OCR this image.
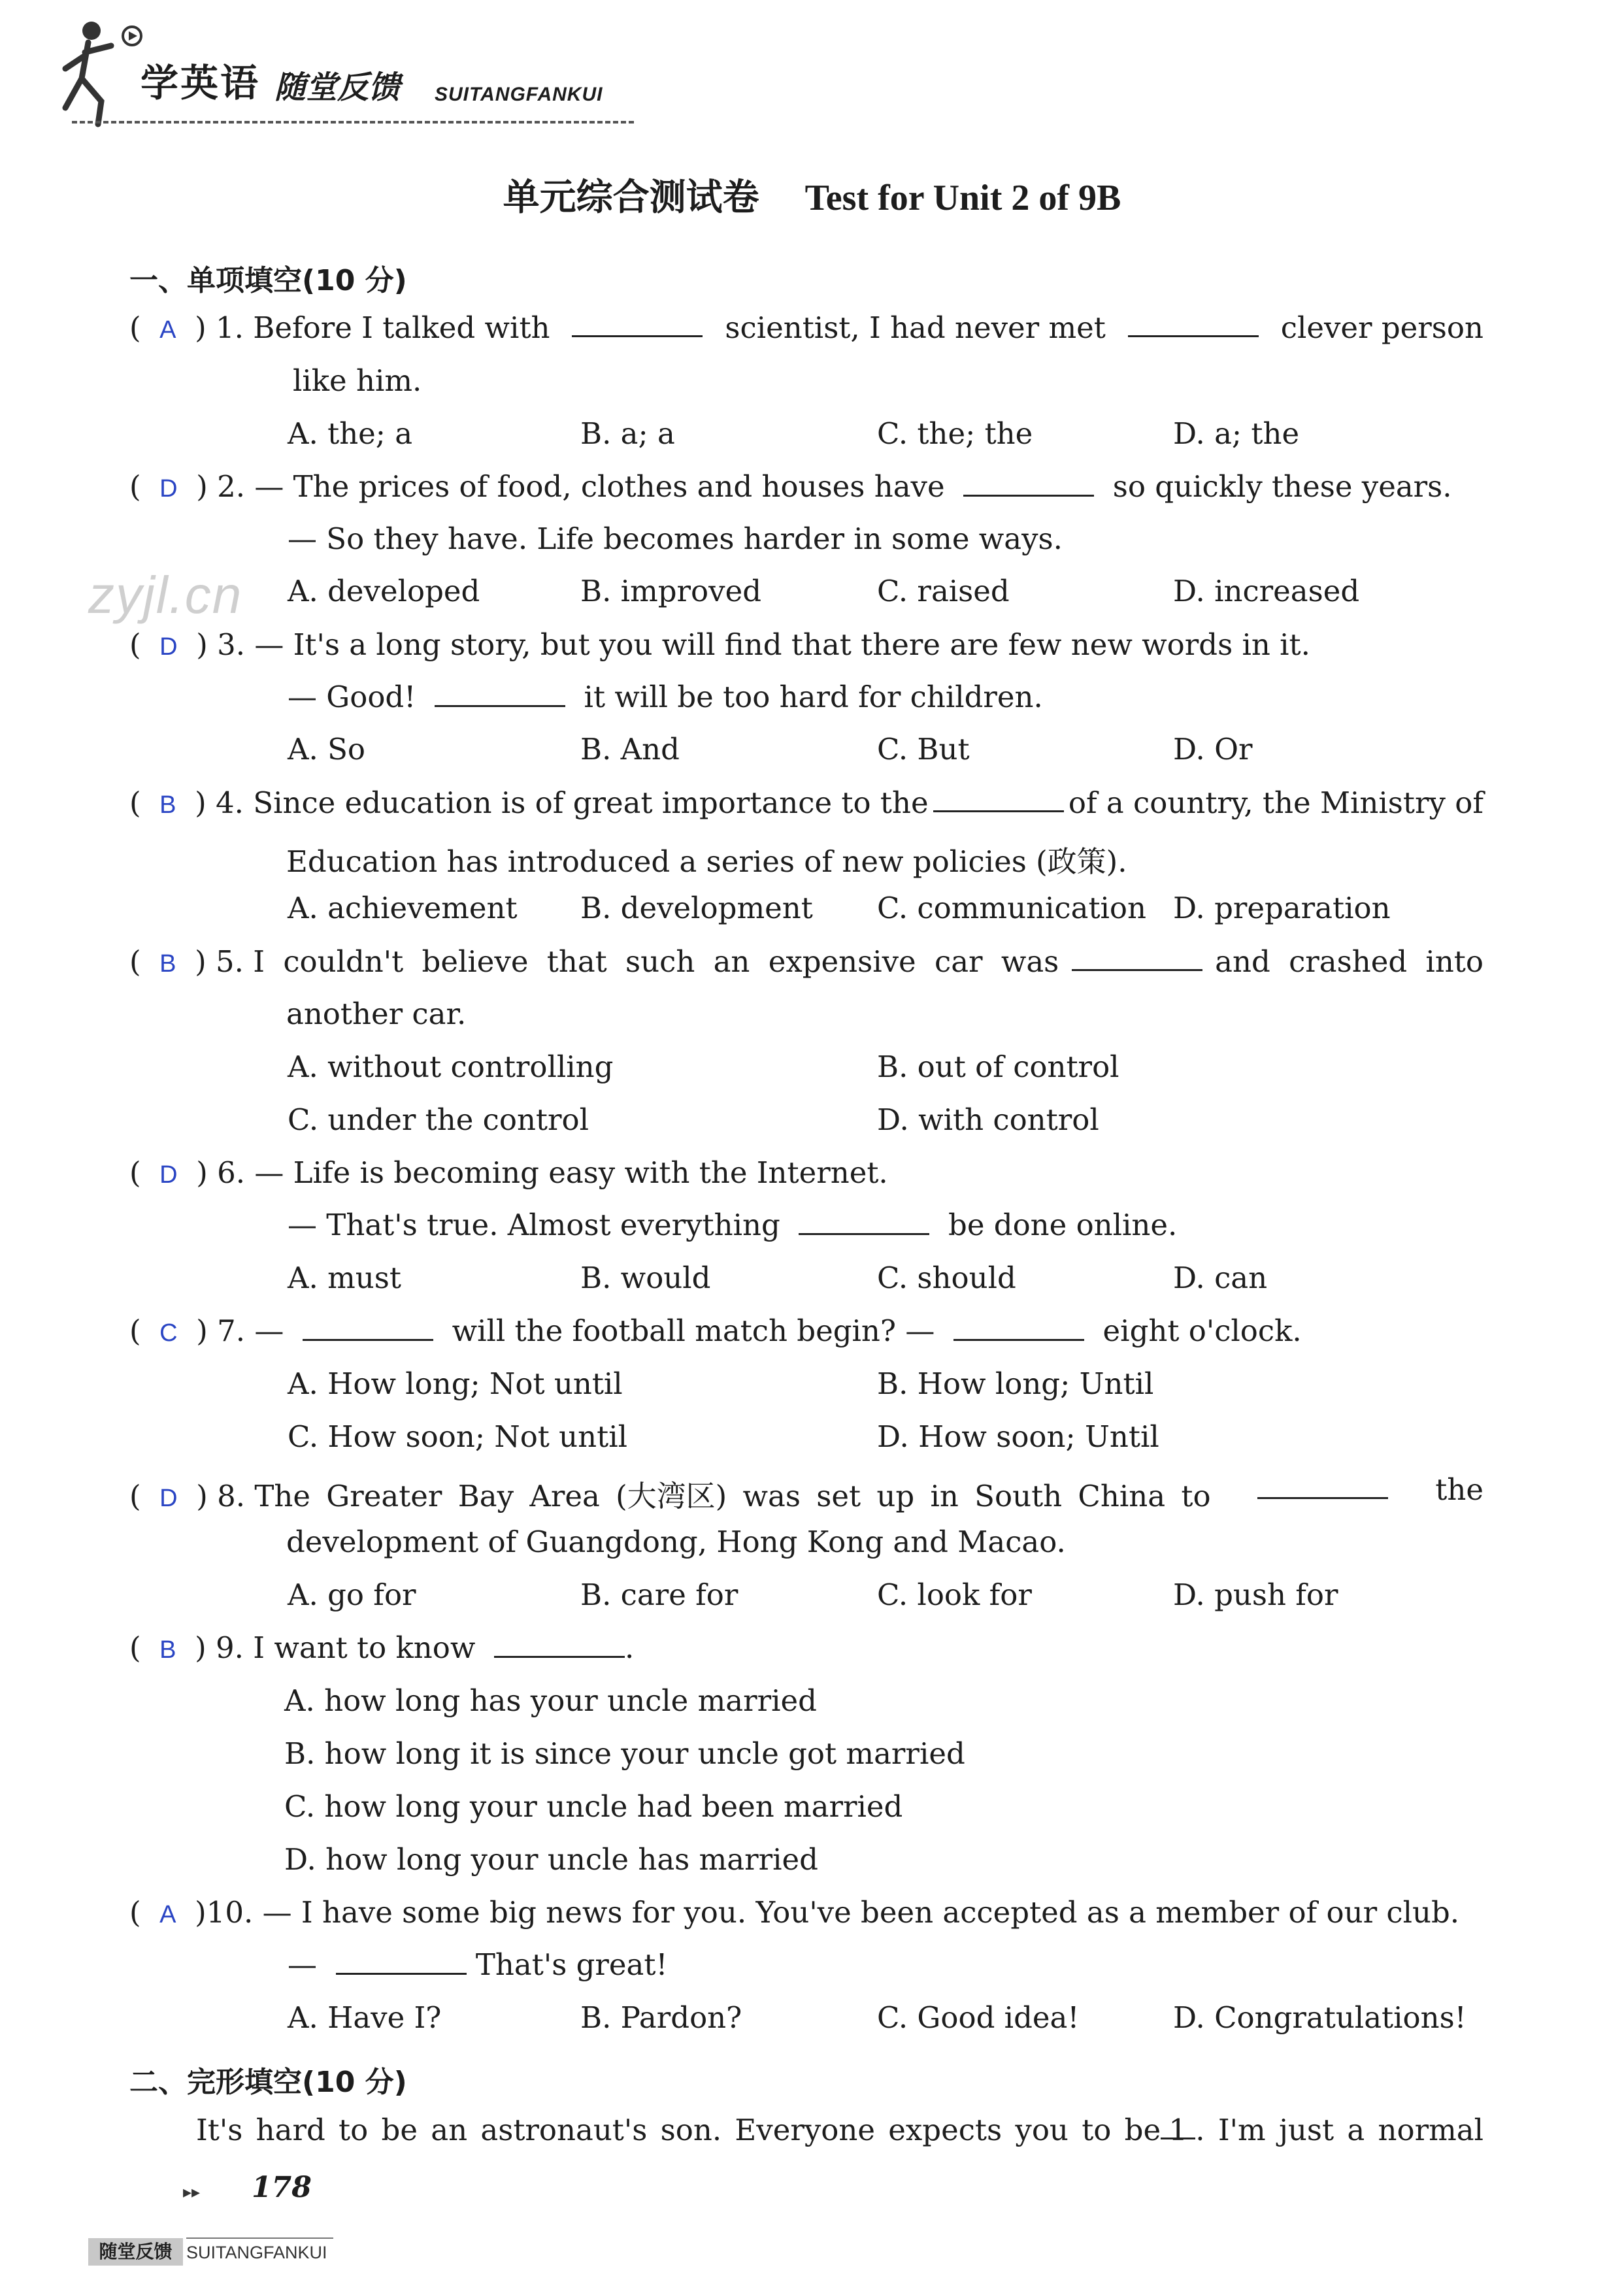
学英语 随堂反馈 SUITANGFANKUI
单元综合测试卷 Test for Unit 2 of 9B
zyjl.cn
一、单项填空(10 分)
(  A  ) 1. Before I talked with	scientist, I had never met	clever person
like him.
A. the; a	B. a; a	C. the; the	D. a; the
(  D  ) 2. — The prices of food, clothes and houses have	so quickly these years.
— So they have. Life becomes harder in some ways.
A. developed	B. improved	C. raised	D. increased
(  D  ) 3. — It's a long story, but you will find that there are few new words in it.
— Good!	it will be too hard for children.
A. So	B. And	C. But	D. Or
(  B  ) 4. Since education is of great importance to the	of a country, the Ministry of
Education has introduced a series of new policies (政策).
A. achievement B. development C. communication D. preparation
(  B  ) 5. I couldn't believe that such an expensive car was	and crashed into
another car.
A. without controlling	B. out of control
C. under the control	D. with control
(  D  ) 6. — Life is becoming easy with the Internet.
— That's true. Almost everything	be done online.
A. must	B. would	C. should	D. can
(  C  ) 7. —	will the football match begin? —	eight o'clock.
A. How long; Not until	B. How long; Until
C. How soon; Not until	D. How soon; Until
(  D  ) 8. The Greater Bay Area (大湾区) was set up in South China to	the
development of Guangdong, Hong Kong and Macao.
A. go for	B. care for	C. look for	D. push for
(  B  ) 9. I want to know	.
A. how long has your uncle married
B. how long it is since your uncle got married
C. how long your uncle had been married
D. how long your uncle has married
(  A  )10. — I have some big news for you. You've been accepted as a member of our club.
—	That's great!
A. Have I?	B. Pardon?	C. Good idea!	D. Congratulations!
二、完形填空(10 分)
It's hard to be an astronaut's son. Everyone expects you to be 1 . I'm just a normal
▸▸ 178
随堂反馈 SUITANGFANKUI
